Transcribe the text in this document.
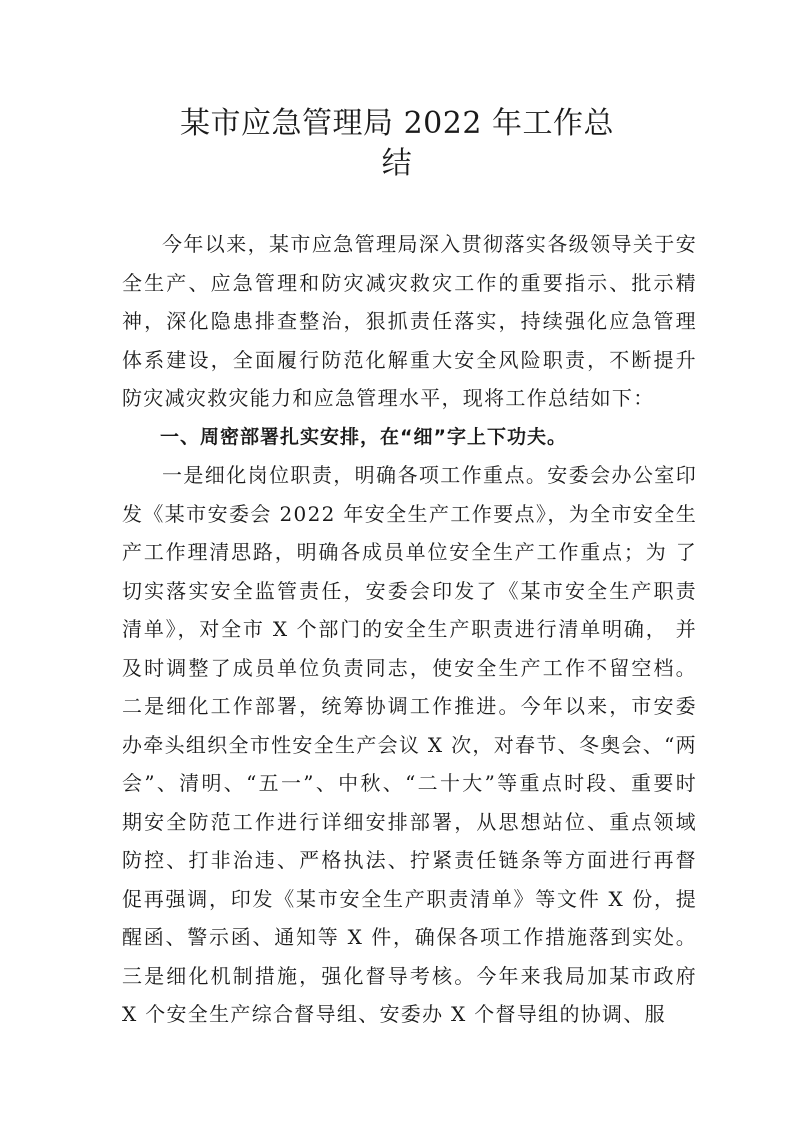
某市应急管理局 2022 年工作总
结

今年以来，某市应急管理局深入贯彻落实各级领导关于安全生产、应急管理和防灾减灾救灾工作的重要指示、批示精神，深化隐患排查整治，狠抓责任落实，持续强化应急管理体系建设，全面履行防范化解重大安全风险职责，不断提升防灾减灾救灾能力和应急管理水平，现将工作总结如下：

一、周密部署扎实安排，在“细”字上下功夫。

一是细化岗位职责，明确各项工作重点。安委会办公室印发《某市安委会 2022 年安全生产工作要点》，为全市安全生产工作理清思路，明确各成员单位安全生产工作重点；为 了切实落实安全监管责任，安委会印发了《某市安全生产职责清单》，对全市 X 个部门的安全生产职责进行清单明确， 并及时调整了成员单位负责同志，使安全生产工作不留空档。二是细化工作部署，统筹协调工作推进。今年以来，市安委 办牵头组织全市性安全生产会议 X 次，对春节、冬奥会、“两会”、清明、“五一”、中秋、“二十大”等重点时段、重要时 期安全防范工作进行详细安排部署，从思想站位、重点领域 防控、打非治违、严格执法、拧紧责任链条等方面进行再督 促再强调，印发《某市安全生产职责清单》等文件 X 份，提醒函、警示函、通知等 X 件，确保各项工作措施落到实处。三是细化机制措施，强化督导考核。今年来我局加某市政府 X 个安全生产综合督导组、安委办 X 个督导组的协调、服
